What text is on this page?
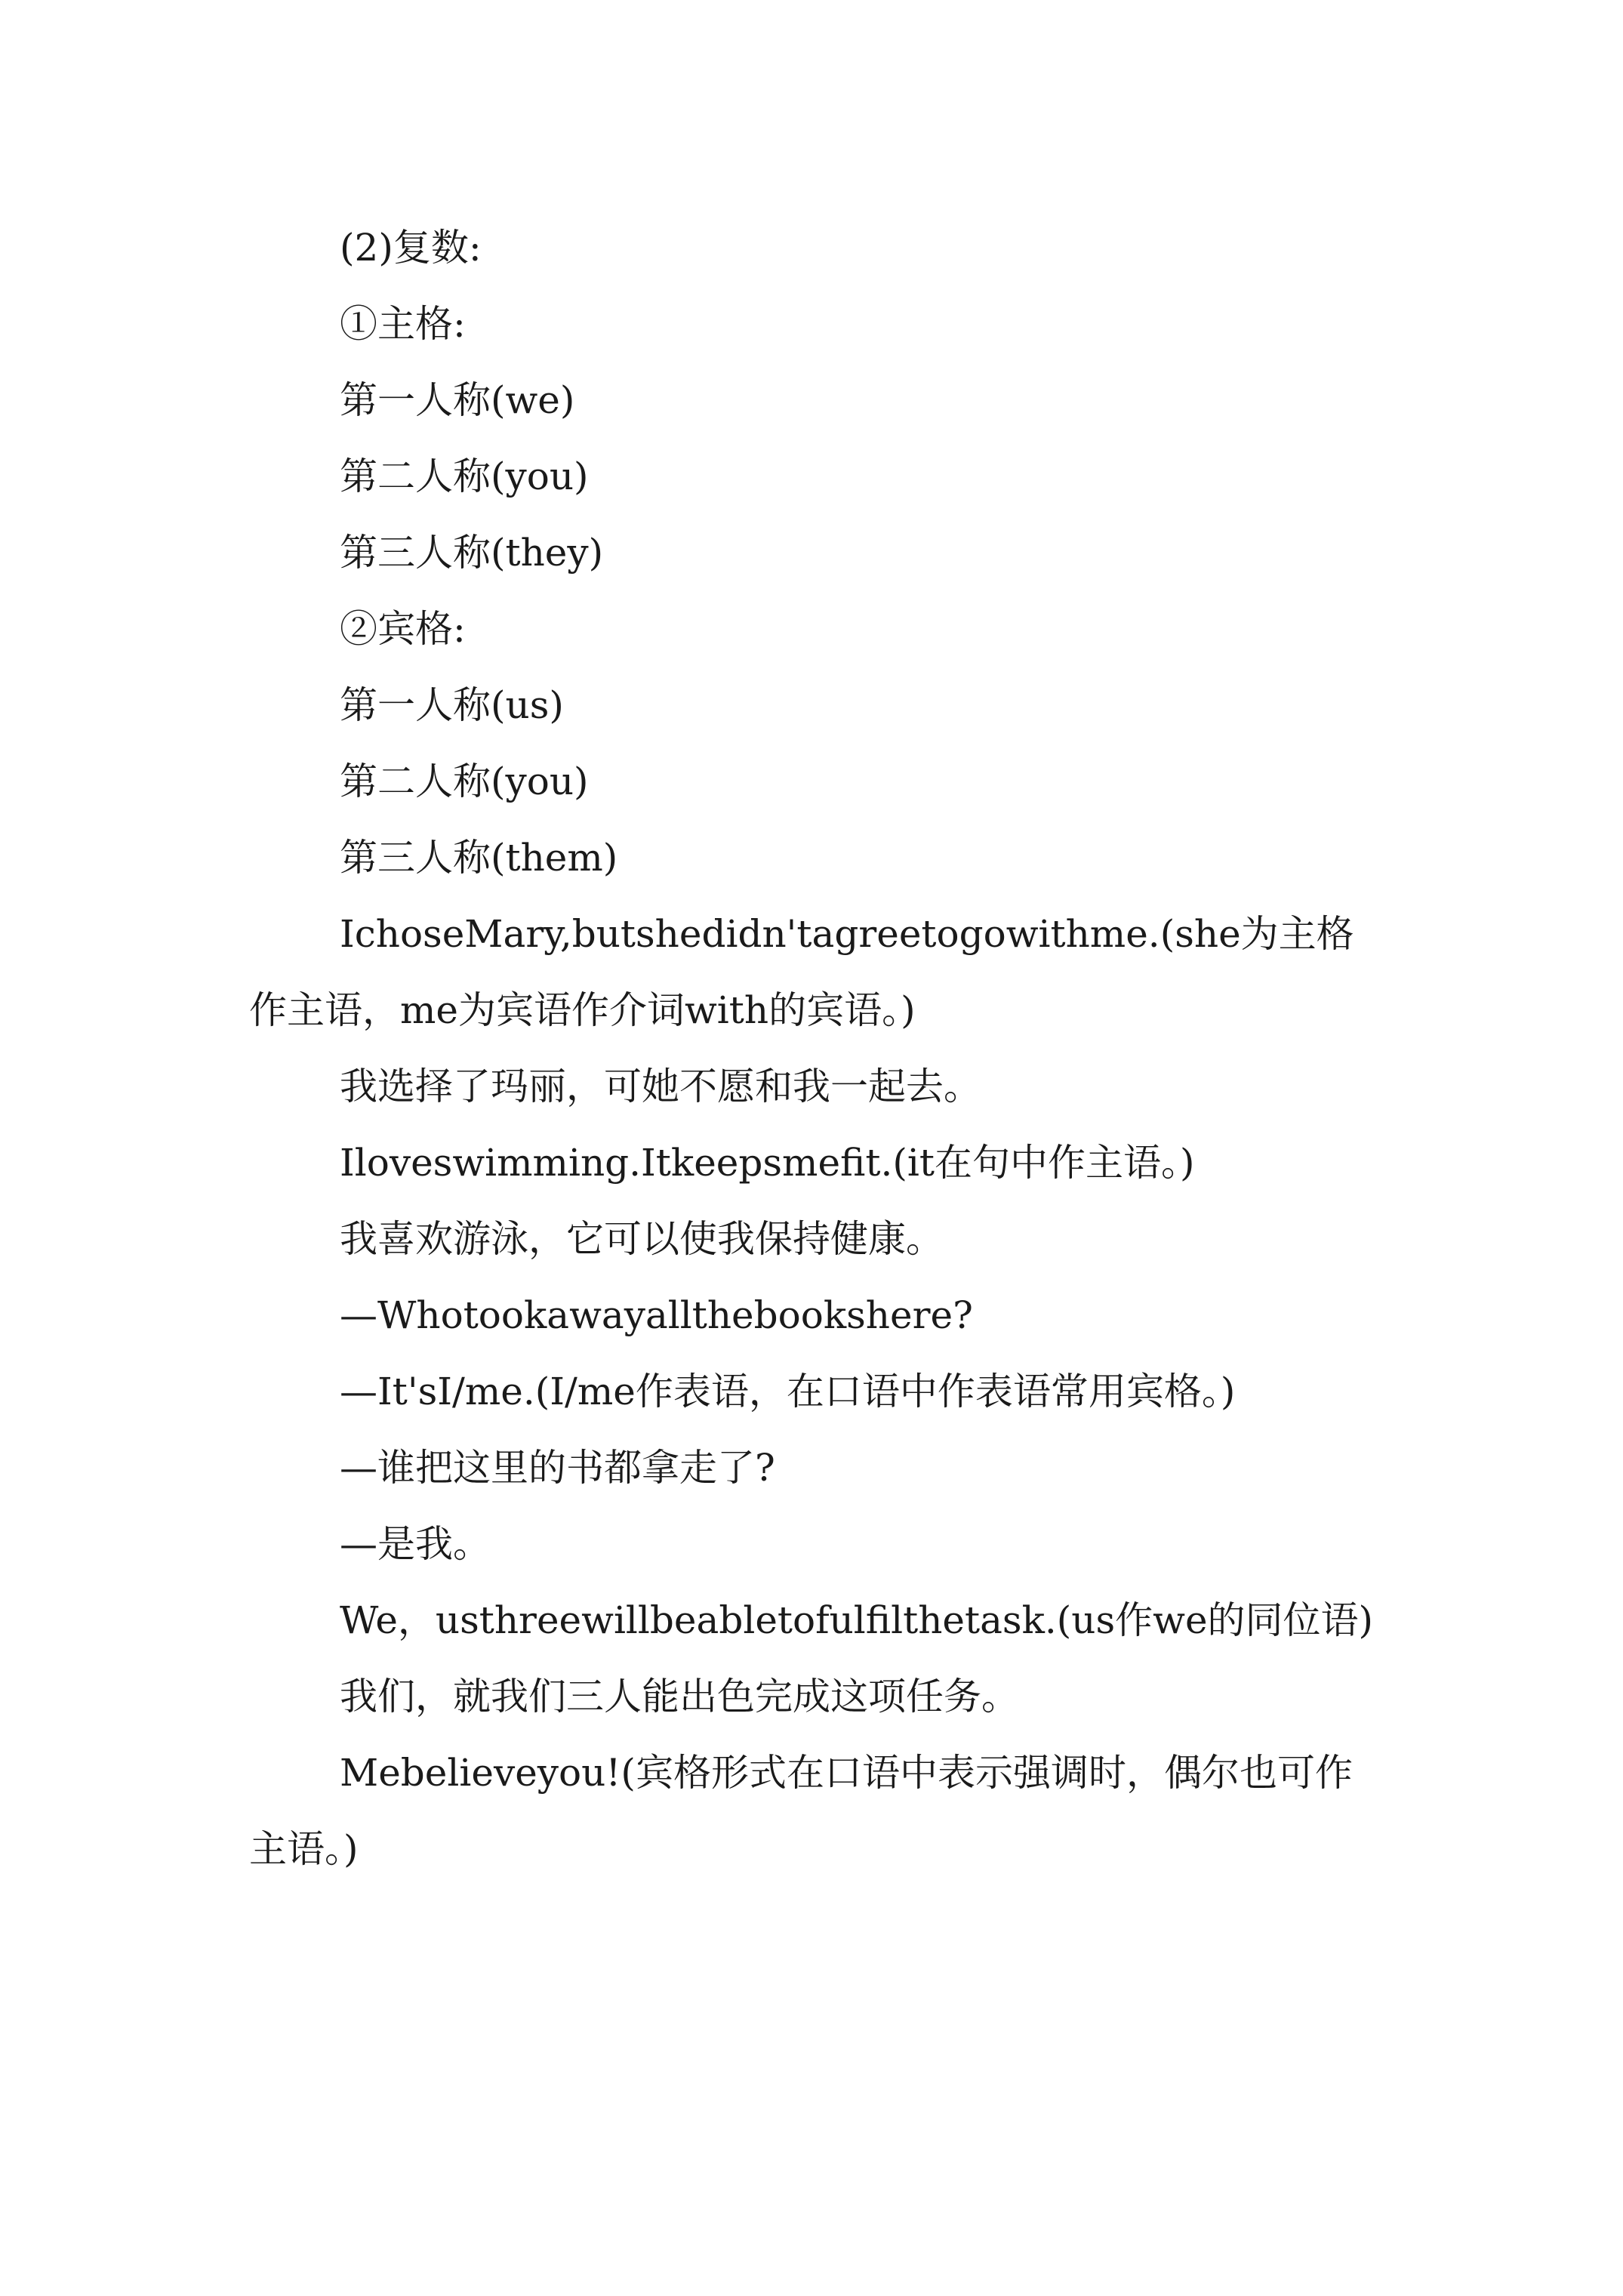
(2)复数:

①主格:

第一人称(we)

第二人称(you)

第三人称(they)

②宾格:

第一人称(us)

第二人称(you)

第三人称(them)

IchoseMary,butshedidn'tagreetogowithme.(she为主格作主语，me为宾语作介词with的宾语。)

我选择了玛丽，可她不愿和我一起去。

Iloveswimming.Itkeepsmefit.(it在句中作主语。)

我喜欢游泳，它可以使我保持健康。

—Whotookawayallthebookshere?

—It'sI/me.(I/me作表语，在口语中作表语常用宾格。)

—谁把这里的书都拿走了?

—是我。

We，usthreewillbeabletofulfilthetask.(us作we的同位语)

我们，就我们三人能出色完成这项任务。

Mebelieveyou!(宾格形式在口语中表示强调时，偶尔也可作主语。)
